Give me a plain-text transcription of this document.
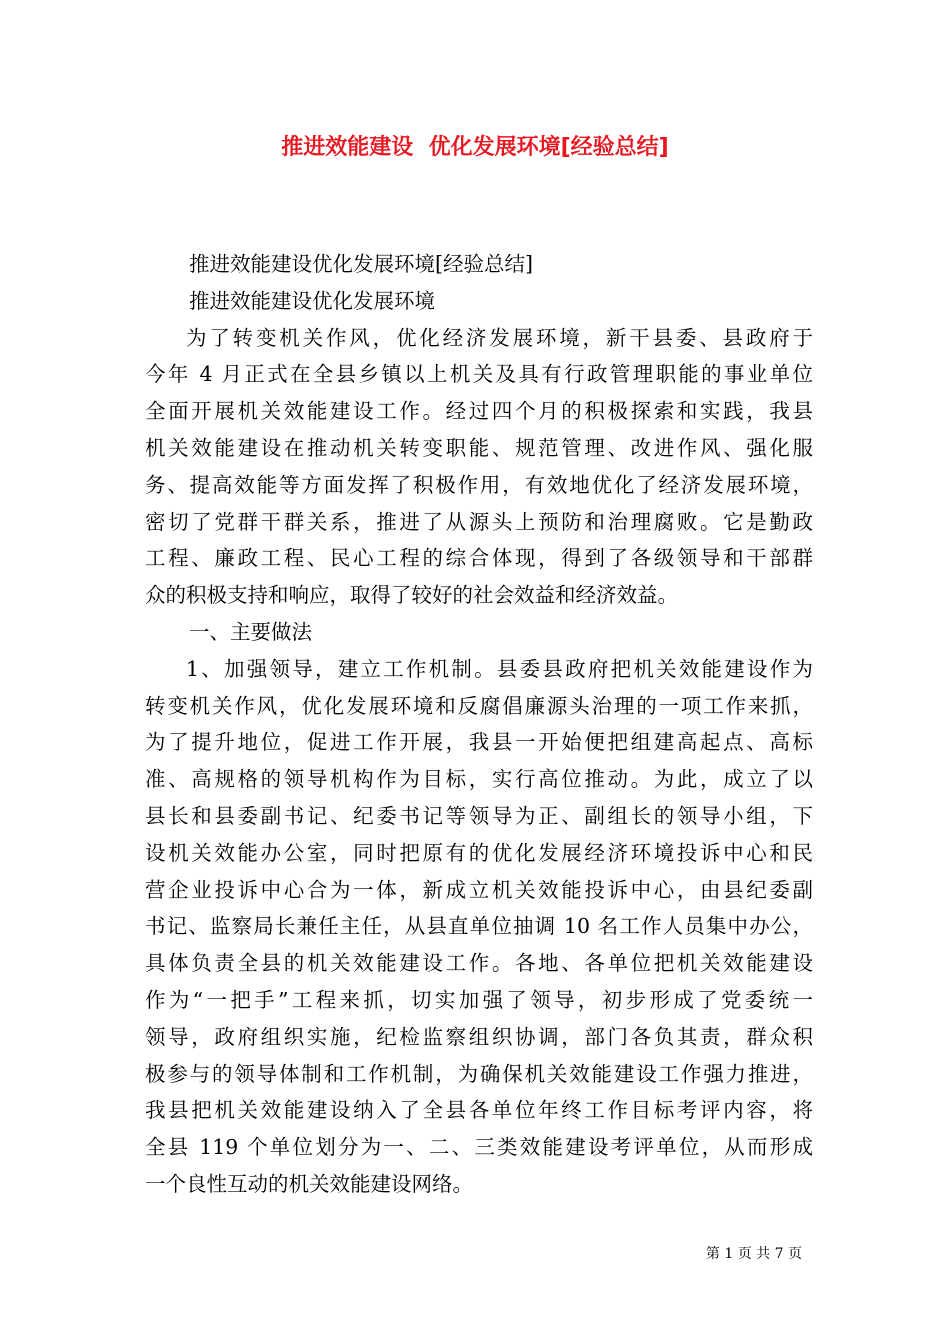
推进效能建设  优化发展环境[经验总结]
推进效能建设优化发展环境[经验总结]
推进效能建设优化发展环境
为了转变机关作风，优化经济发展环境，新干县委、县政府于
今年 4 月正式在全县乡镇以上机关及具有行政管理职能的事业单位
全面开展机关效能建设工作。经过四个月的积极探索和实践，我县
机关效能建设在推动机关转变职能、规范管理、改进作风、强化服
务、提高效能等方面发挥了积极作用，有效地优化了经济发展环境，
密切了党群干群关系，推进了从源头上预防和治理腐败。它是勤政
工程、廉政工程、民心工程的综合体现，得到了各级领导和干部群
众的积极支持和响应，取得了较好的社会效益和经济效益。
一、主要做法
1、加强领导，建立工作机制。县委县政府把机关效能建设作为
转变机关作风，优化发展环境和反腐倡廉源头治理的一项工作来抓，
为了提升地位，促进工作开展，我县一开始便把组建高起点、高标
准、高规格的领导机构作为目标，实行高位推动。为此，成立了以
县长和县委副书记、纪委书记等领导为正、副组长的领导小组，下
设机关效能办公室，同时把原有的优化发展经济环境投诉中心和民
营企业投诉中心合为一体，新成立机关效能投诉中心，由县纪委副
书记、监察局长兼任主任，从县直单位抽调 10 名工作人员集中办公，
具体负责全县的机关效能建设工作。各地、各单位把机关效能建设
作为“一把手”工程来抓，切实加强了领导，初步形成了党委统一
领导，政府组织实施，纪检监察组织协调，部门各负其责，群众积
极参与的领导体制和工作机制，为确保机关效能建设工作强力推进，
我县把机关效能建设纳入了全县各单位年终工作目标考评内容，将
全县 119 个单位划分为一、二、三类效能建设考评单位，从而形成
一个良性互动的机关效能建设网络。
第 1 页 共 7 页
